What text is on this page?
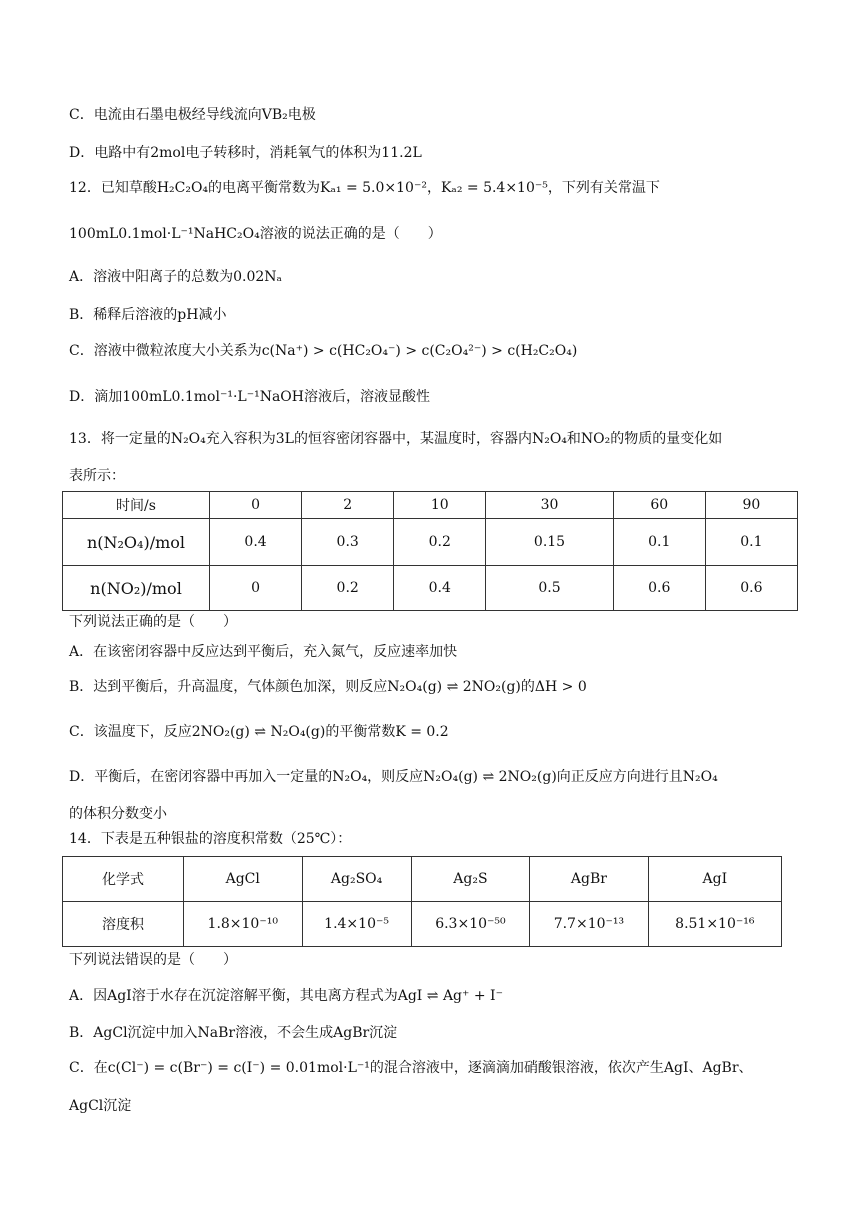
C．电流由石墨电极经导线流向VB₂电极
D．电路中有2mol电子转移时，消耗氧气的体积为11.2L
12．已知草酸H₂C₂O₄的电离平衡常数为Kₐ₁ = 5.0×10⁻²，Kₐ₂ = 5.4×10⁻⁵，下列有关常温下
100mL0.1mol·L⁻¹NaHC₂O₄溶液的说法正确的是（　　）
A．溶液中阳离子的总数为0.02Nₐ
B．稀释后溶液的pH减小
C．溶液中微粒浓度大小关系为c(Na⁺) > c(HC₂O₄⁻) > c(C₂O₄²⁻) > c(H₂C₂O₄)
D．滴加100mL0.1mol⁻¹·L⁻¹NaOH溶液后，溶液显酸性
13．将一定量的N₂O₄充入容积为3L的恒容密闭容器中，某温度时，容器内N₂O₄和NO₂的物质的量变化如
表所示：
时间/s	0	2	10	30	60	90
n(N₂O₄)/mol	0.4	0.3	0.2	0.15	0.1	0.1
n(NO₂)/mol	0	0.2	0.4	0.5	0.6	0.6
下列说法正确的是（　　）
A．在该密闭容器中反应达到平衡后，充入氮气，反应速率加快
B．达到平衡后，升高温度，气体颜色加深，则反应N₂O₄(g) ⇌ 2NO₂(g)的ΔH > 0
C．该温度下，反应2NO₂(g) ⇌ N₂O₄(g)的平衡常数K = 0.2
D．平衡后，在密闭容器中再加入一定量的N₂O₄，则反应N₂O₄(g) ⇌ 2NO₂(g)向正反应方向进行且N₂O₄
的体积分数变小
14．下表是五种银盐的溶度积常数（25℃）：
化学式	AgCl	Ag₂SO₄	Ag₂S	AgBr	AgI
溶度积	1.8×10⁻¹⁰	1.4×10⁻⁵	6.3×10⁻⁵⁰	7.7×10⁻¹³	8.51×10⁻¹⁶
下列说法错误的是（　　）
A．因AgI溶于水存在沉淀溶解平衡，其电离方程式为AgI ⇌ Ag⁺ + I⁻
B．AgCl沉淀中加入NaBr溶液，不会生成AgBr沉淀
C．在c(Cl⁻) = c(Br⁻) = c(I⁻) = 0.01mol·L⁻¹的混合溶液中，逐滴滴加硝酸银溶液，依次产生AgI、AgBr、
AgCl沉淀
